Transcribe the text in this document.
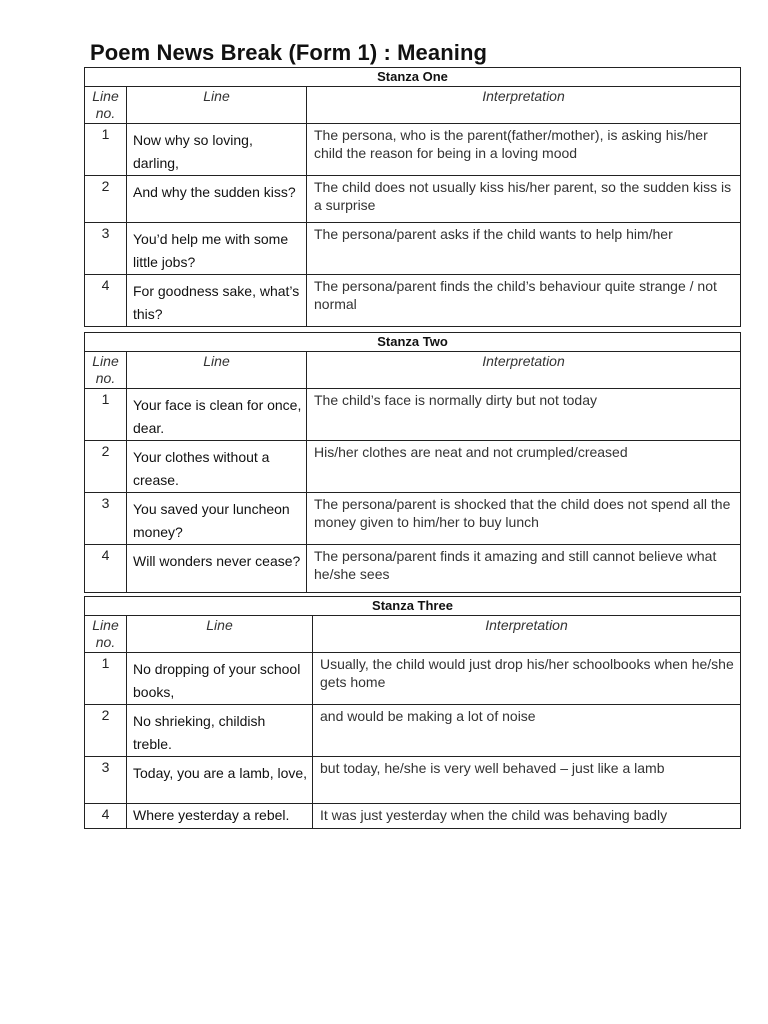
Poem News Break (Form 1) : Meaning
Stanza One		
Line no.	Line	Interpretation
1	Now why so loving, darling,	The persona, who is the parent(father/mother), is asking his/her child the reason for being in a loving mood
2	And why the sudden kiss?	The child does not usually kiss his/her parent, so the sudden kiss is a surprise
3	You’d help me with some little jobs?	The persona/parent asks if the child wants to help him/her
4	For goodness sake, what’s this?	The persona/parent finds the child’s behaviour quite strange / not normal
Stanza Two		
Line no.	Line	Interpretation
1	Your face is clean for once, dear.	The child’s face is normally dirty but not today
2	Your clothes without a crease.	His/her clothes are neat and not crumpled/creased
3	You saved your luncheon money?	The persona/parent is shocked that the child does not spend all the money given to him/her to buy lunch
4	Will wonders never cease?	The persona/parent finds it amazing and still cannot believe what he/she sees
Stanza Three		
Line no.	Line	Interpretation
1	No dropping of your school books,	Usually, the child would just drop his/her schoolbooks when he/she gets home
2	No shrieking, childish treble.	and would be making a lot of noise
3	Today, you are a lamb, love,	but today, he/she is very well behaved – just like a lamb
4	Where yesterday a rebel.	It was just yesterday when the child was behaving badly
